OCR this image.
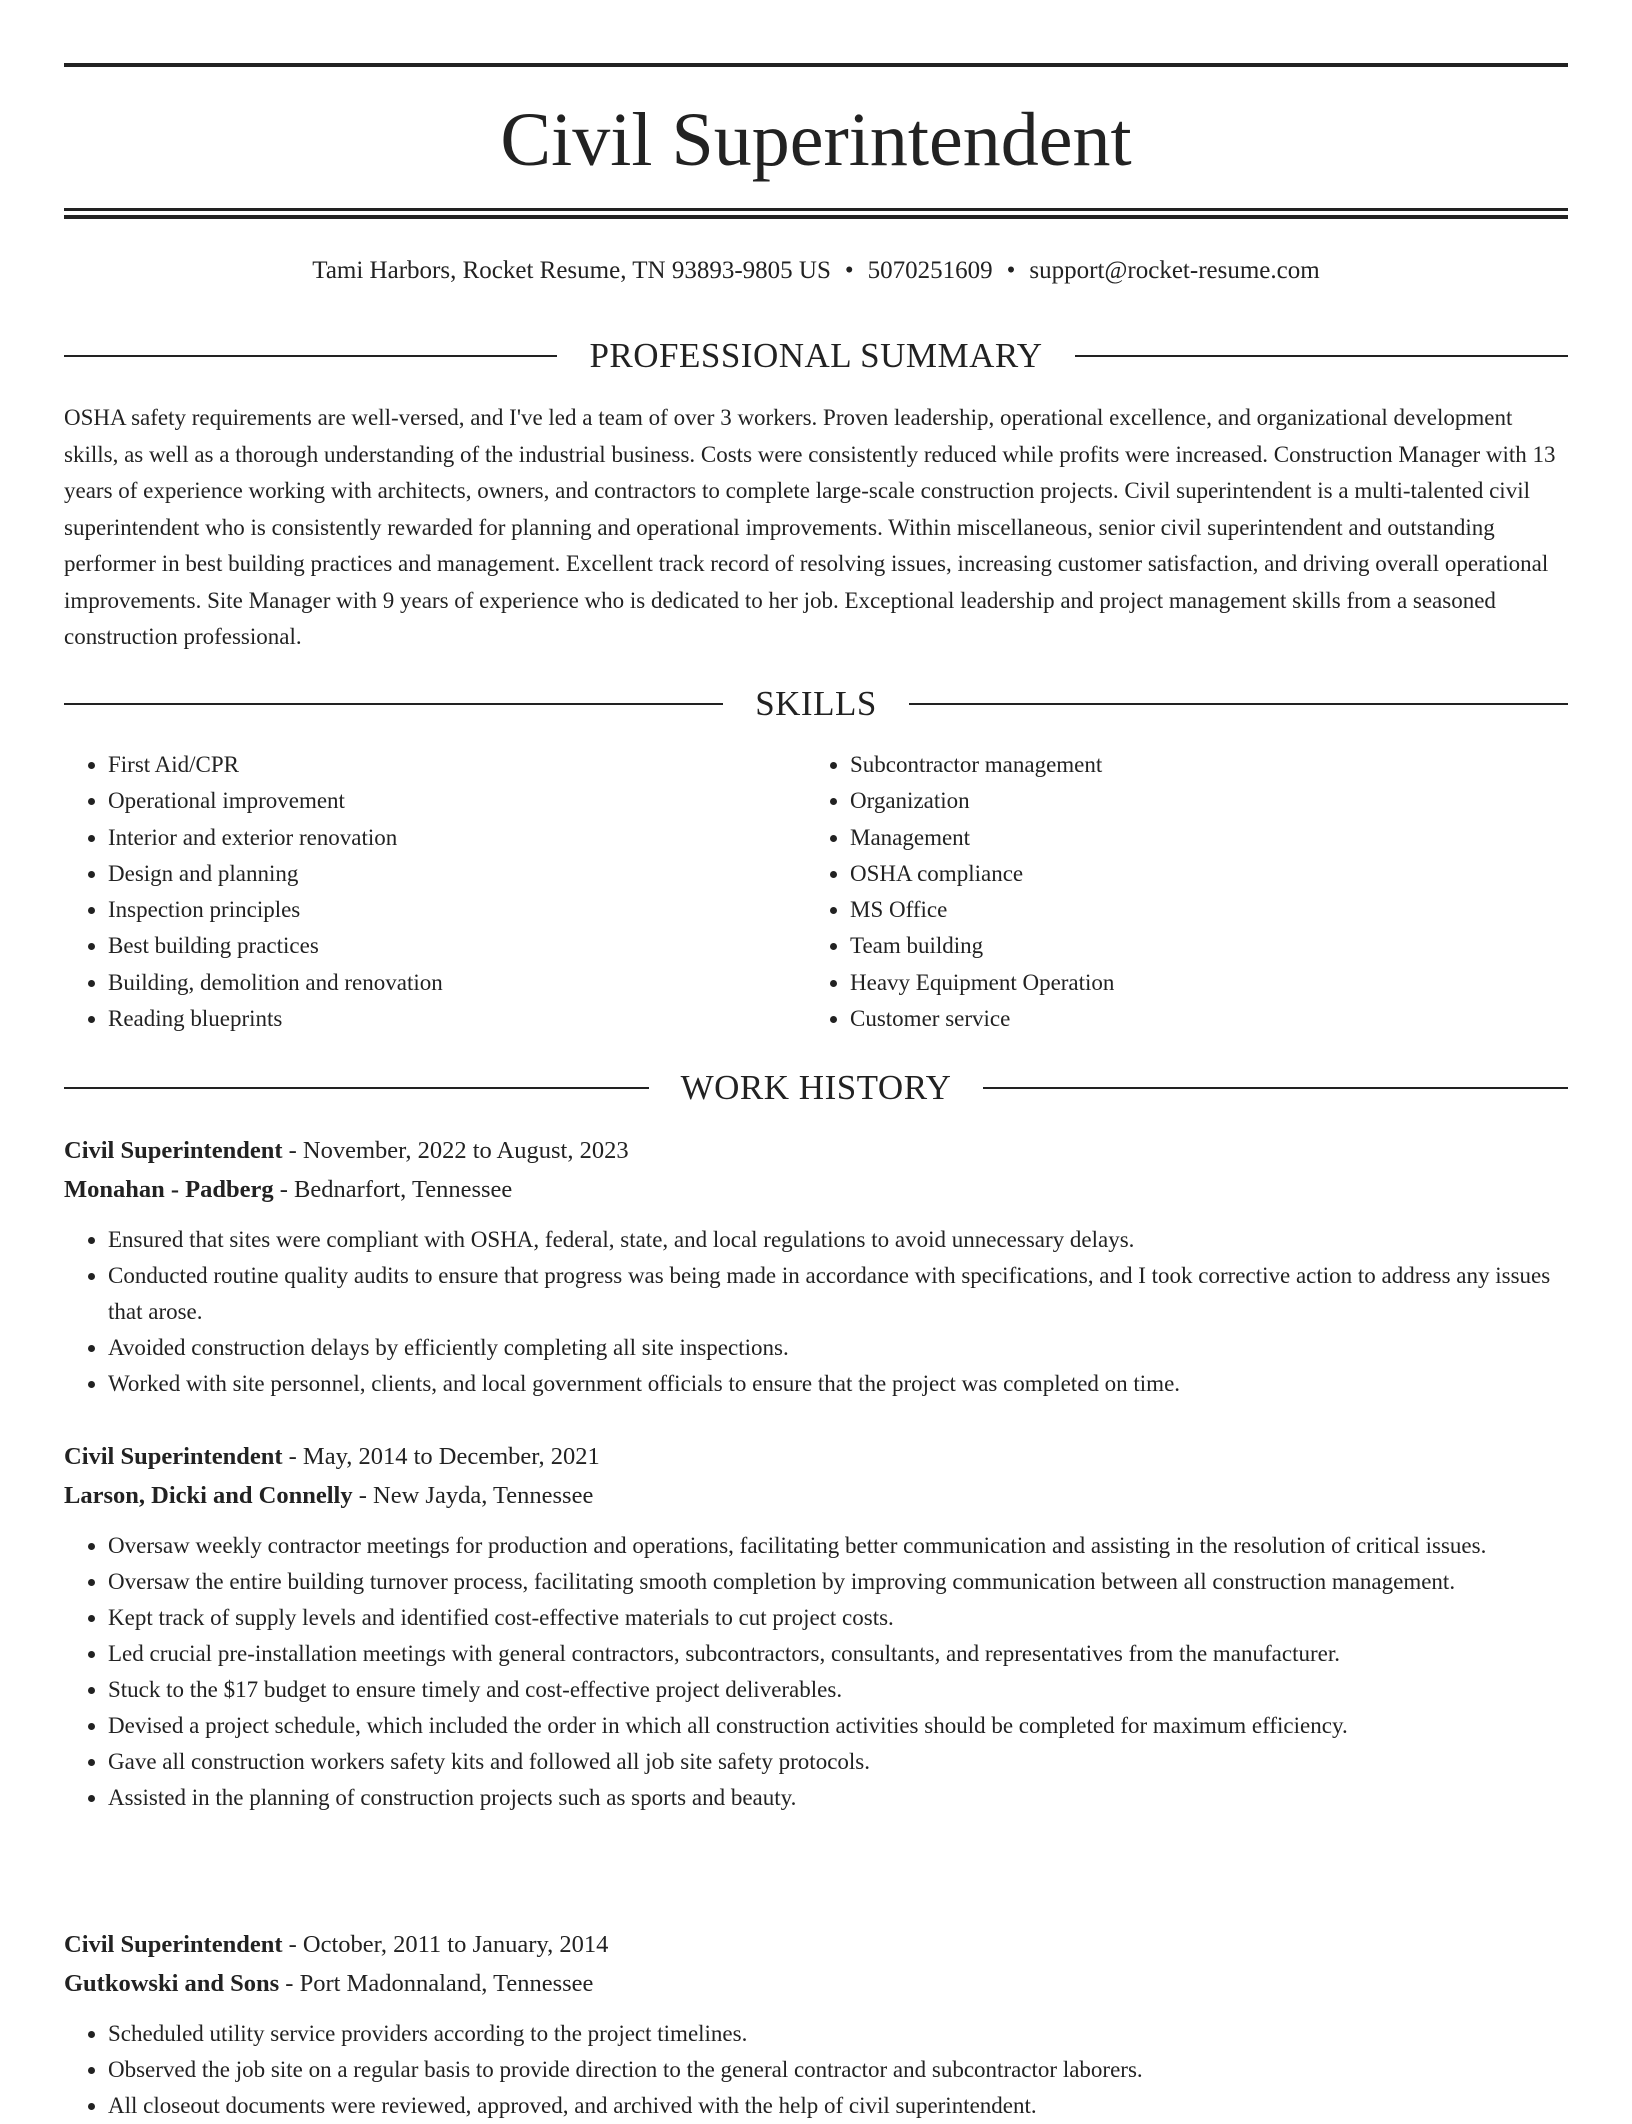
Civil Superintendent
Tami Harbors, Rocket Resume, TN 93893-9805 US • 5070251609 • support@rocket-resume.com
PROFESSIONAL SUMMARY

OSHA safety requirements are well-versed, and I've led a team of over 3 workers. Proven leadership, operational excellence, and organizational development skills, as well as a thorough understanding of the industrial business. Costs were consistently reduced while profits were increased. Construction Manager with 13 years of experience working with architects, owners, and contractors to complete large-scale construction projects. Civil superintendent is a multi-talented civil superintendent who is consistently rewarded for planning and operational improvements. Within miscellaneous, senior civil superintendent and outstanding performer in best building practices and management. Excellent track record of resolving issues, increasing customer satisfaction, and driving overall operational improvements. Site Manager with 9 years of experience who is dedicated to her job. Exceptional leadership and project management skills from a seasoned construction professional.

SKILLS
• First Aid/CPR
• Operational improvement
• Interior and exterior renovation
• Design and planning
• Inspection principles
• Best building practices
• Building, demolition and renovation
• Reading blueprints
• Subcontractor management
• Organization
• Management
• OSHA compliance
• MS Office
• Team building
• Heavy Equipment Operation
• Customer service
WORK HISTORY
Civil Superintendent - November, 2022 to August, 2023
Monahan - Padberg - Bednarfort, Tennessee
• Ensured that sites were compliant with OSHA, federal, state, and local regulations to avoid unnecessary delays.
• Conducted routine quality audits to ensure that progress was being made in accordance with specifications, and I took corrective action to address any issues that arose.
• Avoided construction delays by efficiently completing all site inspections.
• Worked with site personnel, clients, and local government officials to ensure that the project was completed on time.
Civil Superintendent - May, 2014 to December, 2021
Larson, Dicki and Connelly - New Jayda, Tennessee
• Oversaw weekly contractor meetings for production and operations, facilitating better communication and assisting in the resolution of critical issues.
• Oversaw the entire building turnover process, facilitating smooth completion by improving communication between all construction management.
• Kept track of supply levels and identified cost-effective materials to cut project costs.
• Led crucial pre-installation meetings with general contractors, subcontractors, consultants, and representatives from the manufacturer.
• Stuck to the $17 budget to ensure timely and cost-effective project deliverables.
• Devised a project schedule, which included the order in which all construction activities should be completed for maximum efficiency.
• Gave all construction workers safety kits and followed all job site safety protocols.
• Assisted in the planning of construction projects such as sports and beauty.
Civil Superintendent - October, 2011 to January, 2014
Gutkowski and Sons - Port Madonnaland, Tennessee
• Scheduled utility service providers according to the project timelines.
• Observed the job site on a regular basis to provide direction to the general contractor and subcontractor laborers.
• All closeout documents were reviewed, approved, and archived with the help of civil superintendent.
